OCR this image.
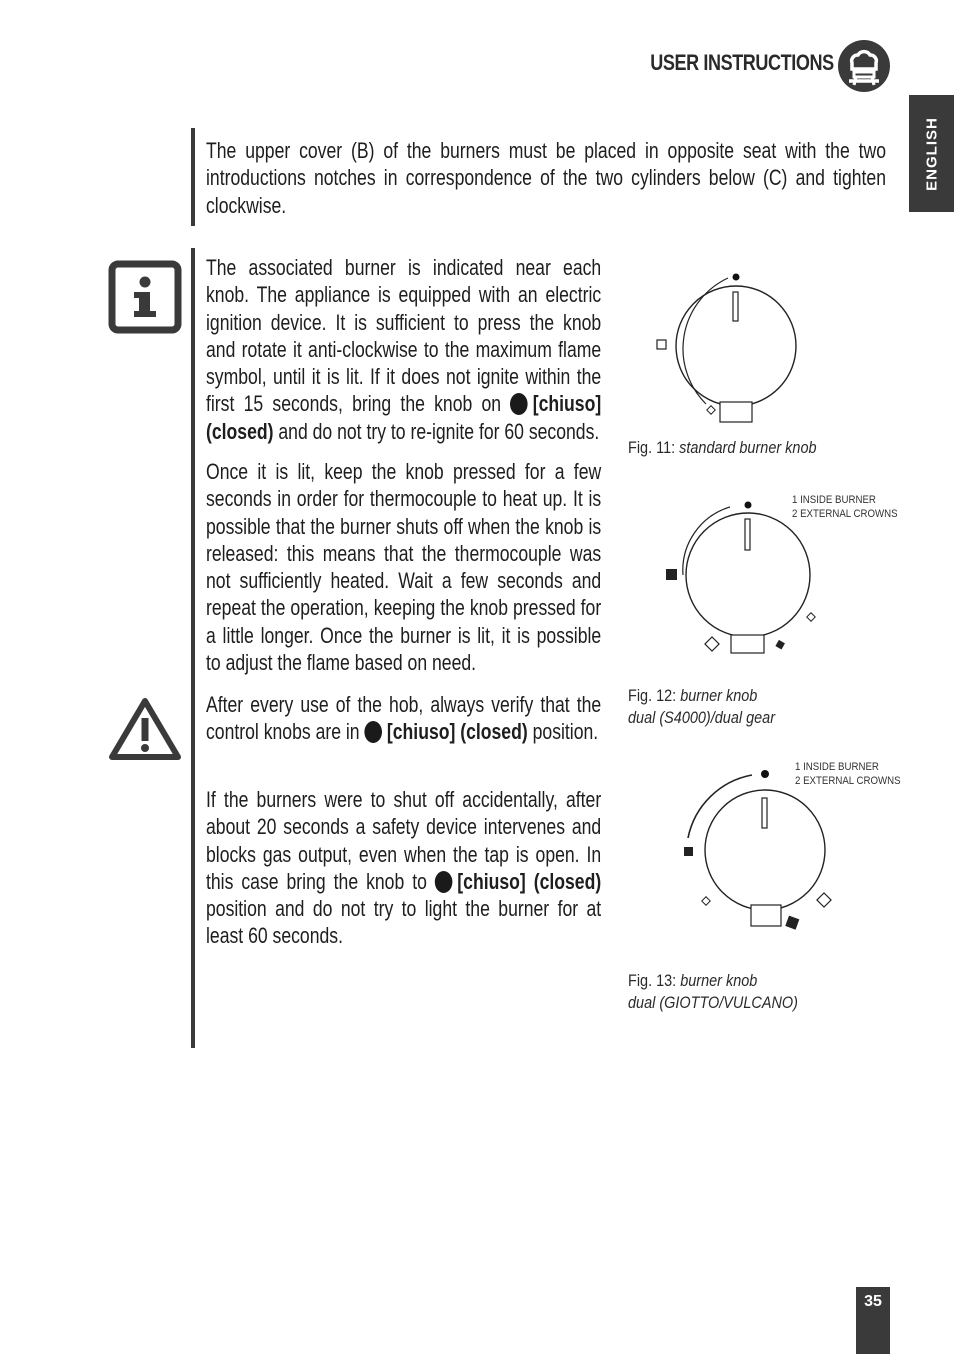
USER INSTRUCTIONS
ENGLISH
The upper cover (B) of the burners must be placed in opposite seat with the two introductions notches in correspondence of the two cylinders below (C) and tighten clockwise.
The associated burner is indicated near each knob. The appliance is equipped with an electric ignition device. It is sufficient to press the knob and rotate it anti-clockwise to the maximum flame symbol, until it is lit. If it does not ignite within the first 15 seconds, bring the knob on [chiuso] (closed) and do not try to re-ignite for 60 seconds.
Once it is lit, keep the knob pressed for a few seconds in order for thermocouple to heat up. It is possible that the burner shuts off when the knob is released: this means that the thermocouple was not sufficiently heated. Wait a few seconds and repeat the operation, keeping the knob pressed for a little longer. Once the burner is lit, it is possible to adjust the flame based on need.
After every use of the hob, always verify that the control knobs are in [chiuso] (closed) position.
If the burners were to shut off accidentally, after about 20 seconds a safety device intervenes and blocks gas output, even when the tap is open. In this case bring the knob to [chiuso] (closed) position and do not try to light the burner for at least 60 seconds.
Fig. 11: standard burner knob
1 INSIDE BURNER
2 EXTERNAL CROWNS
Fig. 12: burner knob
dual (S4000)/dual gear
1 INSIDE BURNER
2 EXTERNAL CROWNS
Fig. 13: burner knob
dual (GIOTTO/VULCANO)
35
